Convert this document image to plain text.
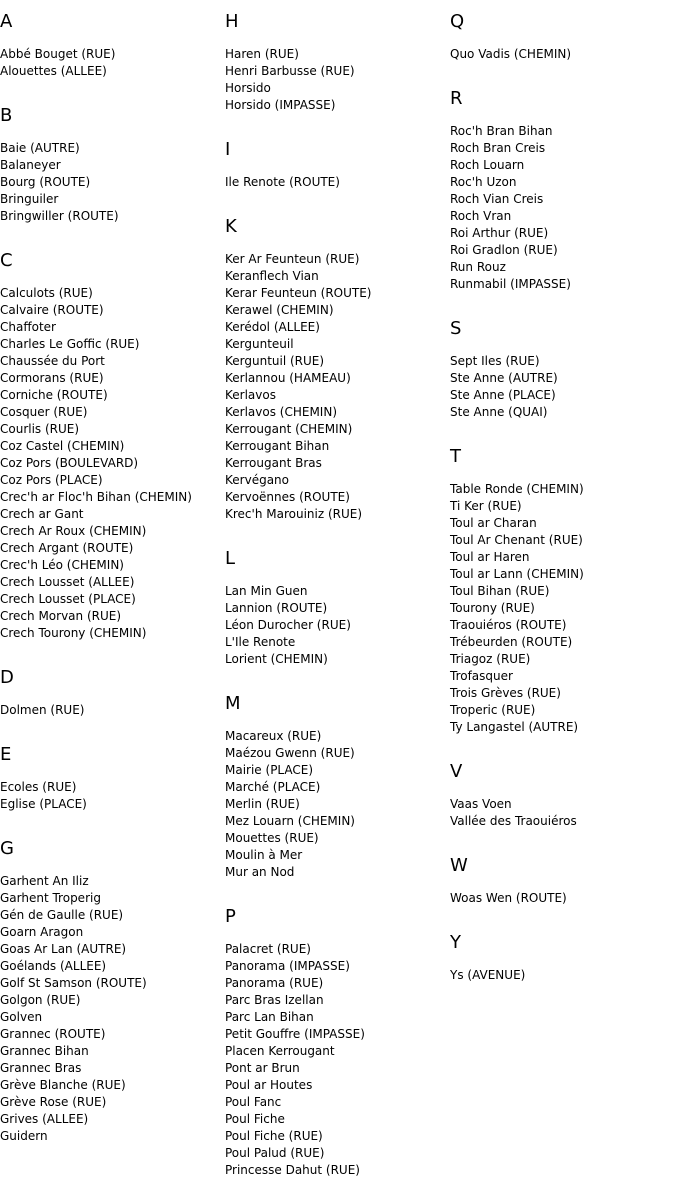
A
Abbé Bouget (RUE)
Alouettes (ALLEE)
B
Baie (AUTRE)
Balaneyer
Bourg (ROUTE)
Bringuiler
Bringwiller (ROUTE)
C
Calculots (RUE)
Calvaire (ROUTE)
Chaffoter
Charles Le Goffic (RUE)
Chaussée du Port
Cormorans (RUE)
Corniche (ROUTE)
Cosquer (RUE)
Courlis (RUE)
Coz Castel (CHEMIN)
Coz Pors (BOULEVARD)
Coz Pors (PLACE)
Crec'h ar Floc'h Bihan (CHEMIN)
Crech ar Gant
Crech Ar Roux (CHEMIN)
Crech Argant (ROUTE)
Crec'h Léo (CHEMIN)
Crech Lousset (ALLEE)
Crech Lousset (PLACE)
Crech Morvan (RUE)
Crech Tourony (CHEMIN)
D
Dolmen (RUE)
E
Ecoles (RUE)
Eglise (PLACE)
G
Garhent An Iliz
Garhent Troperig
Gén de Gaulle (RUE)
Goarn Aragon
Goas Ar Lan (AUTRE)
Goélands (ALLEE)
Golf St Samson (ROUTE)
Golgon (RUE)
Golven
Grannec (ROUTE)
Grannec Bihan
Grannec Bras
Grève Blanche (RUE)
Grève Rose (RUE)
Grives (ALLEE)
Guidern
H
Haren (RUE)
Henri Barbusse (RUE)
Horsido
Horsido (IMPASSE)
I
Ile Renote (ROUTE)
K
Ker Ar Feunteun (RUE)
Keranflech Vian
Kerar Feunteun (ROUTE)
Kerawel (CHEMIN)
Kerédol (ALLEE)
Kergunteuil
Kerguntuil (RUE)
Kerlannou (HAMEAU)
Kerlavos
Kerlavos (CHEMIN)
Kerrougant (CHEMIN)
Kerrougant Bihan
Kerrougant Bras
Kervégano
Kervoënnes (ROUTE)
Krec'h Marouiniz (RUE)
L
Lan Min Guen
Lannion (ROUTE)
Léon Durocher (RUE)
L'Ile Renote
Lorient (CHEMIN)
M
Macareux (RUE)
Maézou Gwenn (RUE)
Mairie (PLACE)
Marché (PLACE)
Merlin (RUE)
Mez Louarn (CHEMIN)
Mouettes (RUE)
Moulin à Mer
Mur an Nod
P
Palacret (RUE)
Panorama (IMPASSE)
Panorama (RUE)
Parc Bras Izellan
Parc Lan Bihan
Petit Gouffre (IMPASSE)
Placen Kerrougant
Pont ar Brun
Poul ar Houtes
Poul Fanc
Poul Fiche
Poul Fiche (RUE)
Poul Palud (RUE)
Princesse Dahut (RUE)
Q
Quo Vadis (CHEMIN)
R
Roc'h Bran Bihan
Roch Bran Creis
Roch Louarn
Roc'h Uzon
Roch Vian Creis
Roch Vran
Roi Arthur (RUE)
Roi Gradlon (RUE)
Run Rouz
Runmabil (IMPASSE)
S
Sept Iles (RUE)
Ste Anne (AUTRE)
Ste Anne (PLACE)
Ste Anne (QUAI)
T
Table Ronde (CHEMIN)
Ti Ker (RUE)
Toul ar Charan
Toul Ar Chenant (RUE)
Toul ar Haren
Toul ar Lann (CHEMIN)
Toul Bihan (RUE)
Tourony (RUE)
Traouiéros (ROUTE)
Trébeurden (ROUTE)
Triagoz (RUE)
Trofasquer
Trois Grèves (RUE)
Troperic (RUE)
Ty Langastel (AUTRE)
V
Vaas Voen
Vallée des Traouiéros
W
Woas Wen (ROUTE)
Y
Ys (AVENUE)
